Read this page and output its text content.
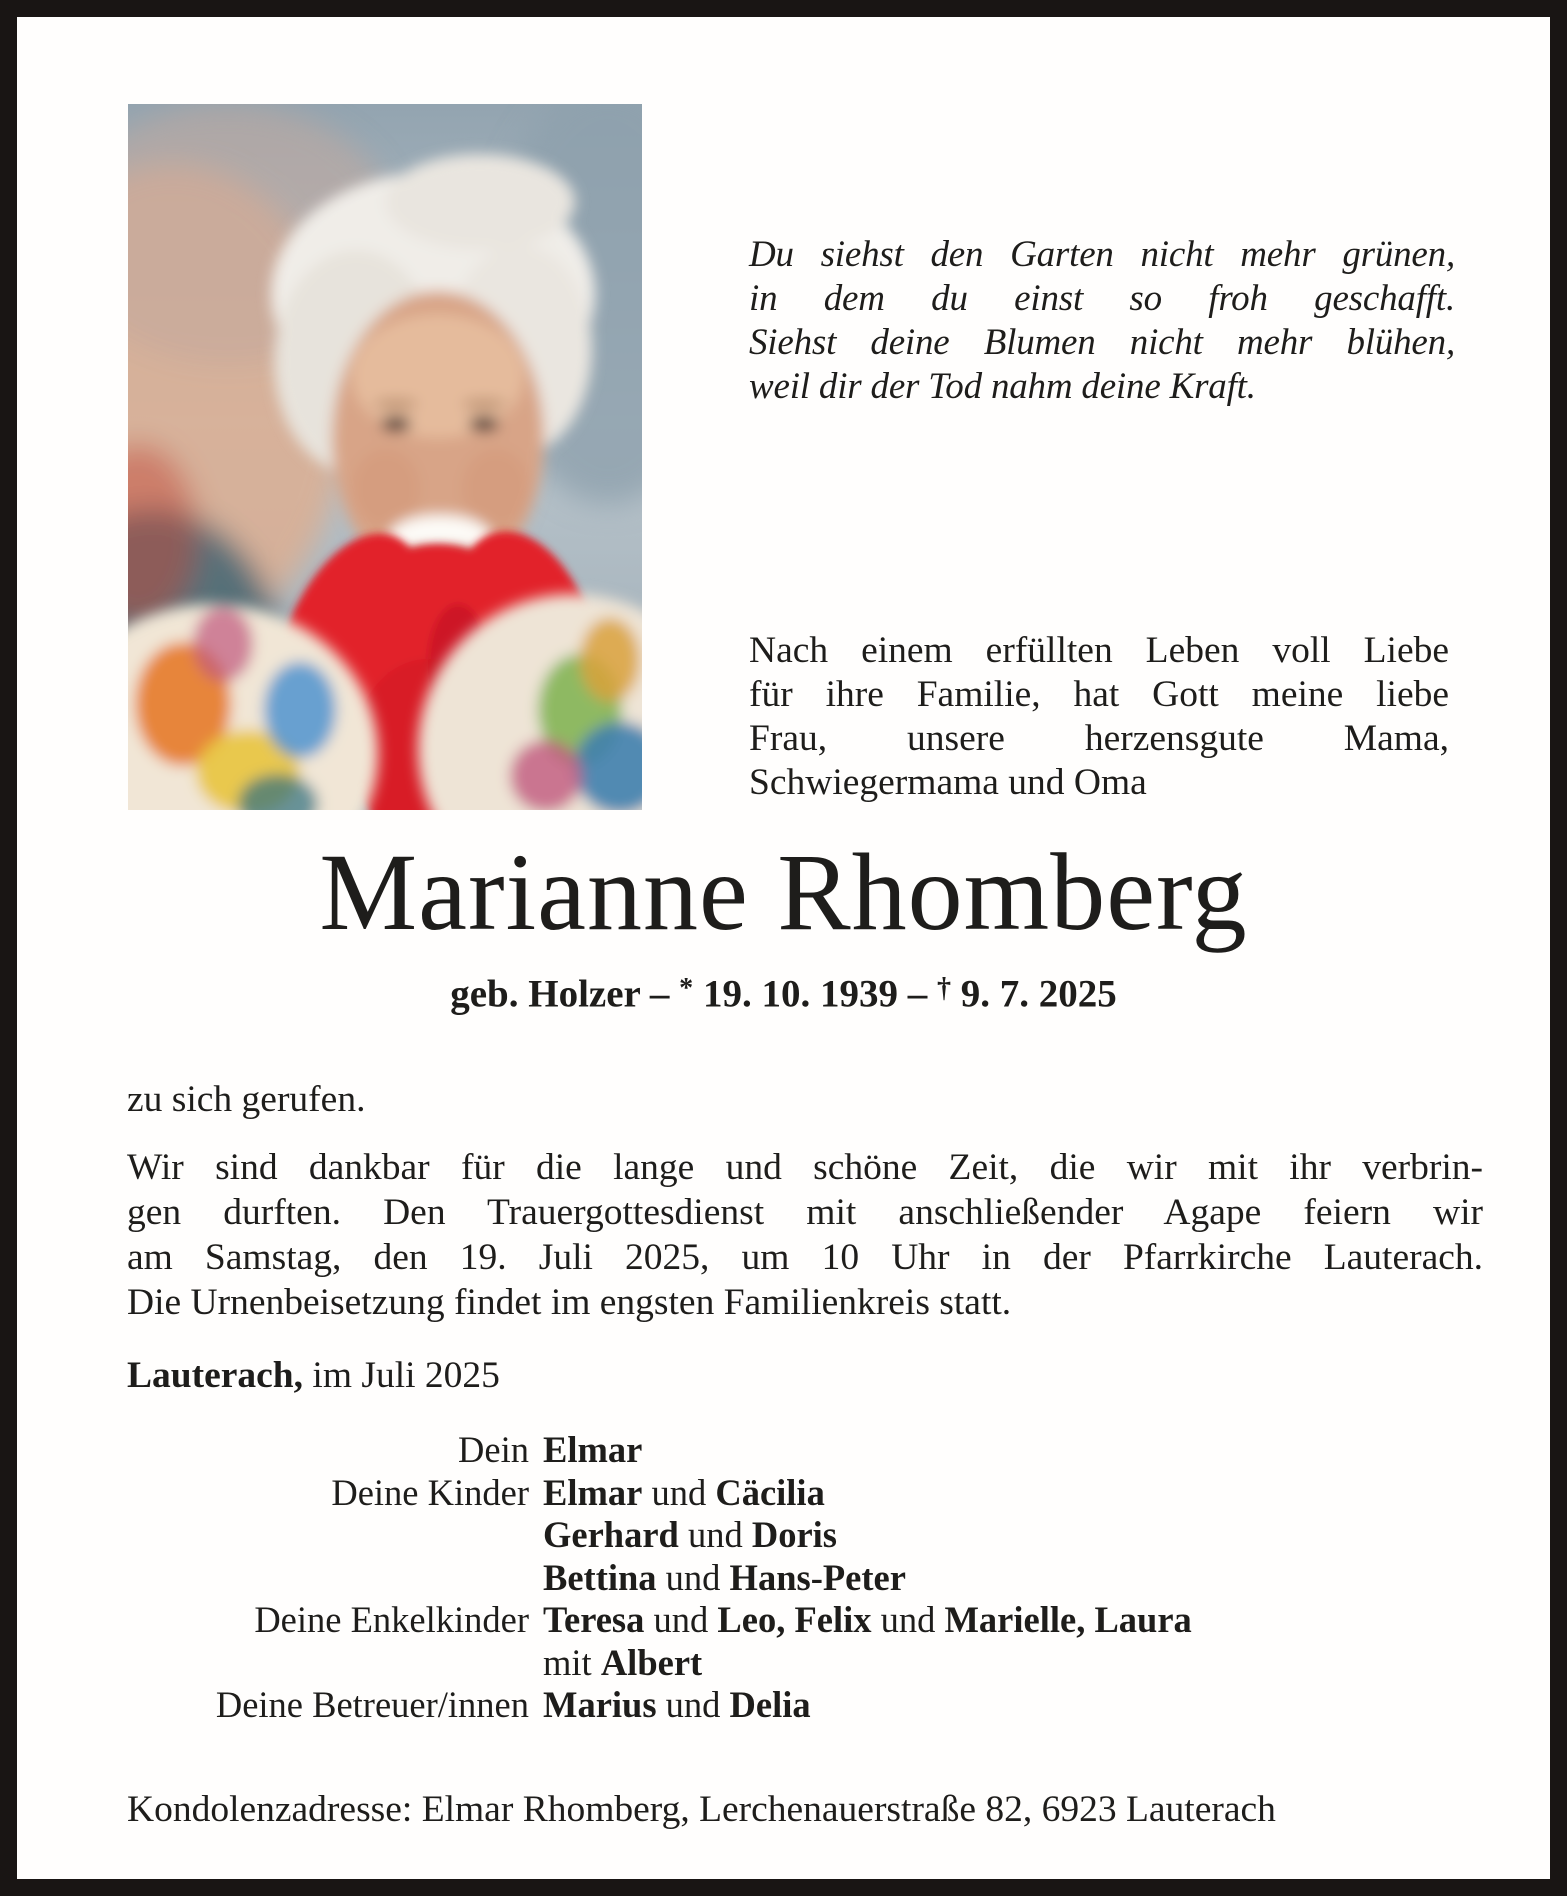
Du siehst den Garten nicht mehr grünen,
in dem du einst so froh geschafft.
Siehst deine Blumen nicht mehr blühen,
weil dir der Tod nahm deine Kraft.
Nach einem erfüllten Leben voll Liebe
für ihre Familie, hat Gott meine liebe
Frau, unsere herzensgute Mama,
Schwiegermama und Oma
Marianne Rhomberg
geb. Holzer – * 19. 10. 1939 – † 9. 7. 2025
zu sich gerufen.
Wir sind dankbar für die lange und schöne Zeit, die wir mit ihr verbrin-
gen durften. Den Trauergottesdienst mit anschließender Agape feiern wir
am Samstag, den 19. Juli 2025, um 10 Uhr in der Pfarrkirche Lauterach.
Die Urnenbeisetzung findet im engsten Familienkreis statt.
Lauterach, im Juli 2025
Dein Elmar
Deine Kinder Elmar und Cäcilia
Gerhard und Doris
Bettina und Hans-Peter
Deine Enkelkinder Teresa und Leo, Felix und Marielle, Laura
mit Albert
Deine Betreuer/innen Marius und Delia
Kondolenzadresse: Elmar Rhomberg, Lerchenauerstraße 82, 6923 Lauterach
